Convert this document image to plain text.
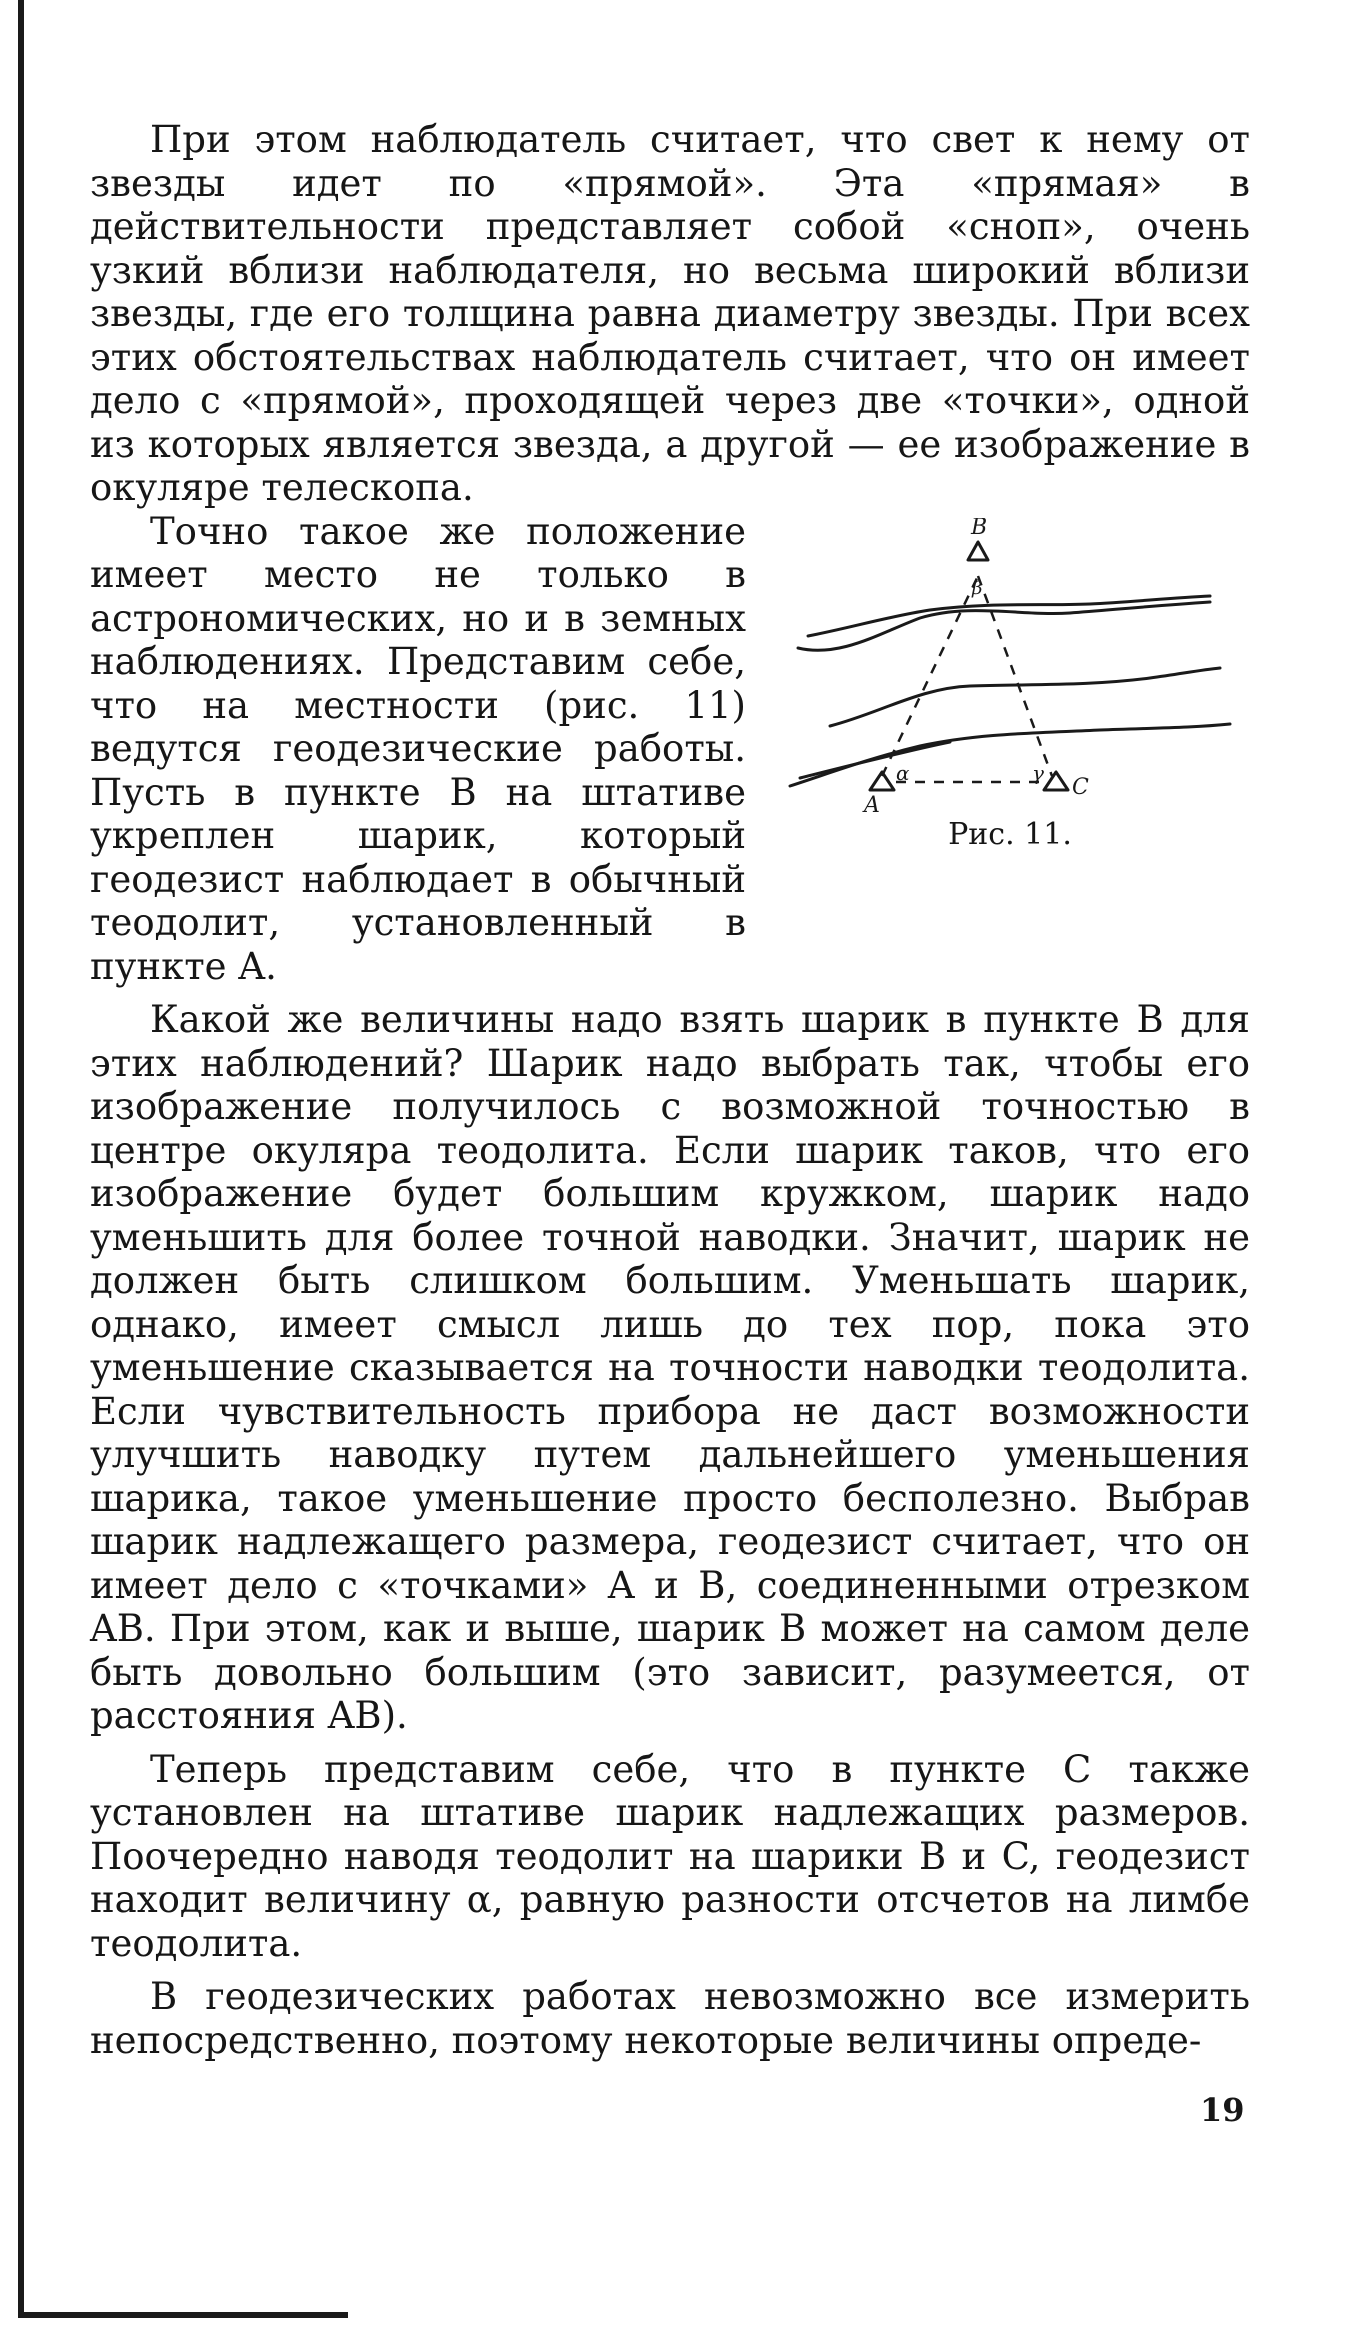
При этом наблюдатель считает, что свет к нему от звезды идет по «прямой». Эта «прямая» в действительности представляет собой «сноп», очень узкий вблизи наблюдателя, но весьма широкий вблизи звезды, где его толщина равна диаметру звезды. При всех этих обстоятельствах наблюдатель считает, что он имеет дело с «прямой», проходящей через две «точки», одной из которых является звезда, а другой — ее изображение в окуляре телескопа.

B
β
α	γ
A
C
Рис. 11.

Точно такое же положение имеет место не только в астрономических, но и в земных наблюдениях. Представим себе, что на местности (рис. 11) ведутся геодезические работы. Пусть в пункте B на штативе укреплен шарик, который геодезист наблюдает в обычный теодолит, установленный в пункте A.

Какой же величины надо взять шарик в пункте B для этих наблюдений? Шарик надо выбрать так, чтобы его изображение получилось с возможной точностью в центре окуляра теодолита. Если шарик таков, что его изображение будет большим кружком, шарик надо уменьшить для более точной наводки. Значит, шарик не должен быть слишком большим. Уменьшать шарик, однако, имеет смысл лишь до тех пор, пока это уменьшение сказывается на точности наводки теодолита. Если чувствительность прибора не даст возможности улучшить наводку путем дальнейшего уменьшения шарика, такое уменьшение просто бесполезно. Выбрав шарик надлежащего размера, геодезист считает, что он имеет дело с «точками» A и B, соединенными отрезком AB. При этом, как и выше, шарик B может на самом деле быть довольно большим (это зависит, разумеется, от расстояния AB).

Теперь представим себе, что в пункте C также установлен на штативе шарик надлежащих размеров. Поочередно наводя теодолит на шарики B и C, геодезист находит величину α, равную разности отсчетов на лимбе теодолита.

В геодезических работах невозможно все измерить непосредственно, поэтому некоторые величины опреде-

19
